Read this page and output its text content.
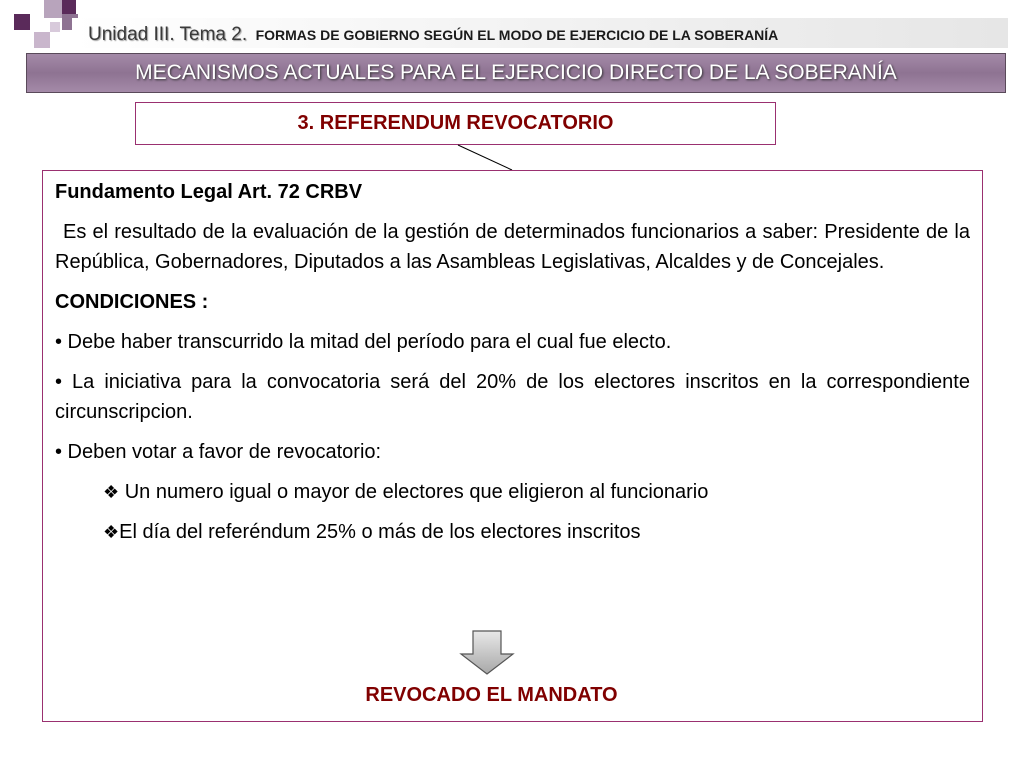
Unidad III. Tema 2. FORMAS DE GOBIERNO SEGÚN EL MODO DE EJERCICIO DE LA SOBERANÍA
MECANISMOS ACTUALES PARA EL EJERCICIO DIRECTO DE LA SOBERANÍA
3. REFERENDUM REVOCATORIO

Fundamento Legal Art. 72 CRBV

Es el resultado de la evaluación de la gestión de determinados funcionarios a saber: Presidente de la República, Gobernadores, Diputados a las Asambleas Legislativas, Alcaldes y de Concejales.

CONDICIONES :

• Debe haber transcurrido la mitad del período para el cual fue electo.

• La iniciativa para la convocatoria será del 20% de los electores inscritos en la correspondiente circunscripcion.

• Deben votar a favor de revocatorio:

❖ Un numero igual o mayor de electores que eligieron al funcionario

❖El día del referéndum 25% o más de los electores inscritos

REVOCADO EL MANDATO
